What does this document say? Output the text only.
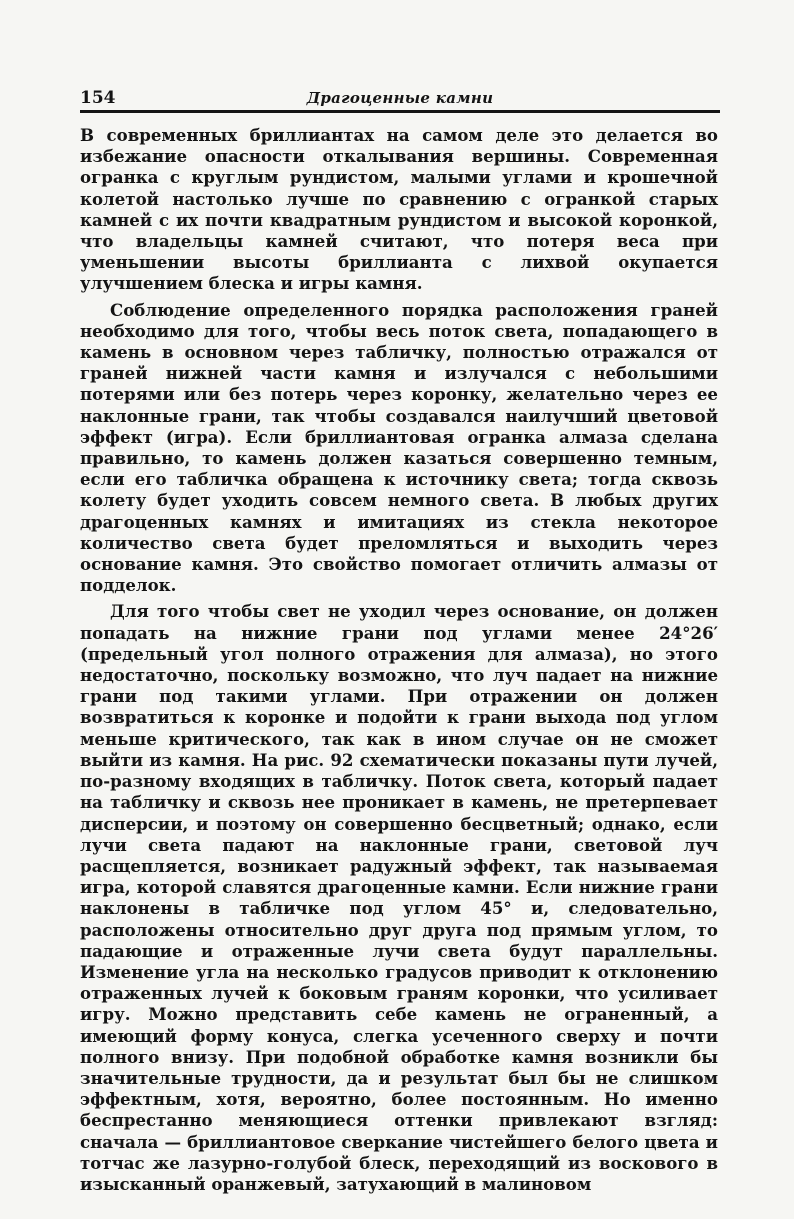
154	Драгоценные камни

В современных бриллиантах на самом деле это делается во избежание опасности откалывания вершины. Современная огранка с круглым рундистом, малыми углами и крошечной колетой настолько лучше по сравнению с огранкой старых камней с их почти квадратным рундистом и высокой коронкой, что владельцы камней считают, что потеря веса при уменьшении высоты бриллианта с лихвой окупается улучшением блеска и игры камня.

Соблюдение определенного порядка расположения граней необходимо для того, чтобы весь поток света, попадающего в камень в основном через табличку, полностью отражался от граней нижней части камня и излучался с небольшими потерями или без потерь через коронку, желательно через ее наклонные грани, так чтобы создавался наилучший цветовой эффект (игра). Если бриллиантовая огранка алмаза сделана правильно, то камень должен казаться совершенно темным, если его табличка обращена к источнику света; тогда сквозь колету будет уходить совсем немного света. В любых других драгоценных камнях и имитациях из стекла некоторое количество света будет преломляться и выходить через основание камня. Это свойство помогает отличить алмазы от подделок.

Для того чтобы свет не уходил через основание, он должен попадать на нижние грани под углами менее 24°26′ (предельный угол полного отражения для алмаза), но этого недостаточно, поскольку возможно, что луч падает на нижние грани под такими углами. При отражении он должен возвратиться к коронке и подойти к грани выхода под углом меньше критического, так как в ином случае он не сможет выйти из камня. На рис. 92 схематически показаны пути лучей, по-разному входящих в табличку. Поток света, который падает на табличку и сквозь нее проникает в камень, не претерпевает дисперсии, и поэтому он совершенно бесцветный; однако, если лучи света падают на наклонные грани, световой луч расщепляется, возникает радужный эффект, так называемая игра, которой славятся драгоценные камни. Если нижние грани наклонены в табличке под углом 45° и, следовательно, расположены относительно друг друга под прямым углом, то падающие и отраженные лучи света будут параллельны. Изменение угла на несколько градусов приводит к отклонению отраженных лучей к боковым граням коронки, что усиливает игру. Можно представить себе камень не ограненный, а имеющий форму конуса, слегка усеченного сверху и почти полного внизу. При подобной обработке камня возникли бы значительные трудности, да и результат был бы не слишком эффектным, хотя, вероятно, более постоянным. Но именно беспрестанно меняющиеся оттенки привлекают взгляд: сначала — бриллиантовое сверкание чистейшего белого цвета и тотчас же лазурно-голубой блеск, переходящий из воскового в изысканный оранжевый, затухающий в малиновом
